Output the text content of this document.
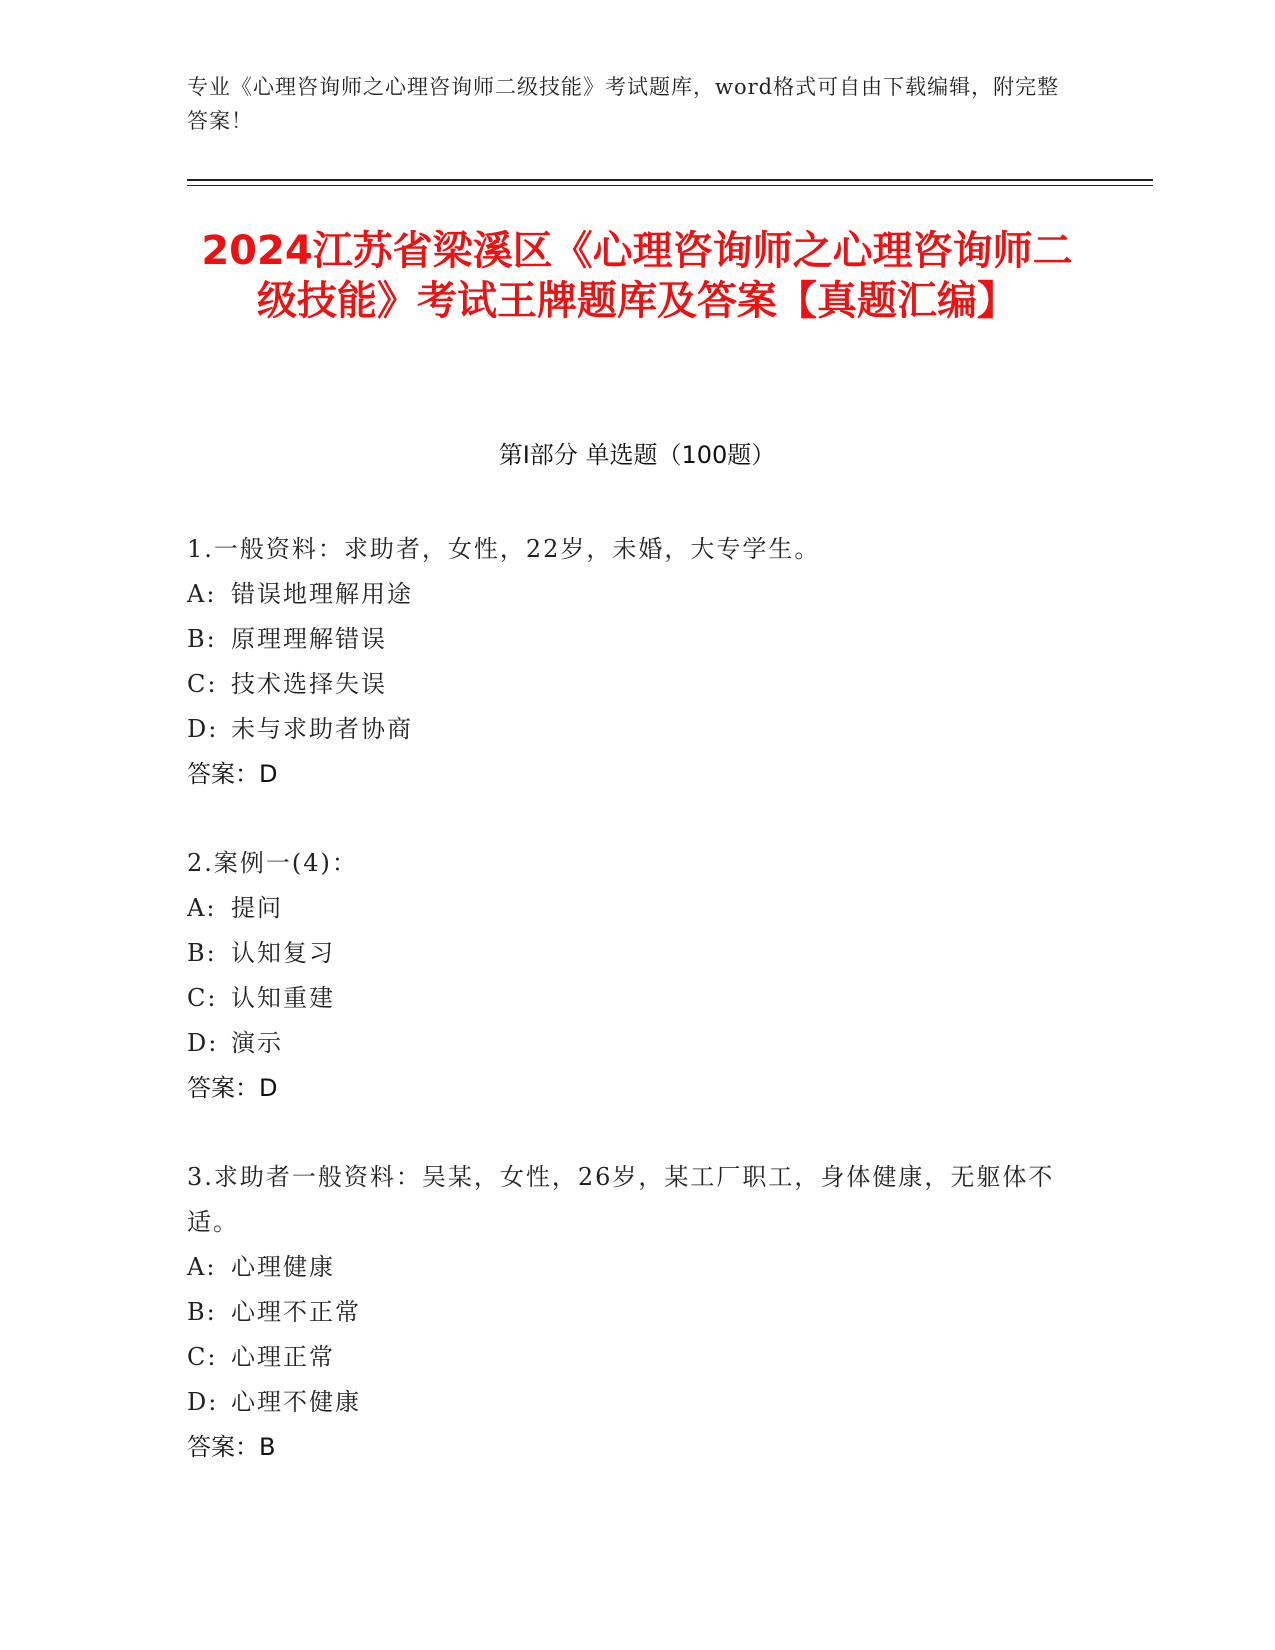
专业《心理咨询师之心理咨询师二级技能》考试题库，word格式可自由下载编辑，附完整答案！
2024江苏省梁溪区《心理咨询师之心理咨询师二级技能》考试王牌题库及答案【真题汇编】
第Ⅰ部分 单选题（100题）
1.一般资料：求助者，女性，22岁，未婚，大专学生。
A: 错误地理解用途
B: 原理理解错误
C: 技术选择失误
D: 未与求助者协商
答案：D
2.案例一(4)：
A: 提问
B: 认知复习
C: 认知重建
D: 演示
答案：D
3.求助者一般资料：吴某，女性，26岁，某工厂职工，身体健康，无躯体不适。
A: 心理健康
B: 心理不正常
C: 心理正常
D: 心理不健康
答案：B
